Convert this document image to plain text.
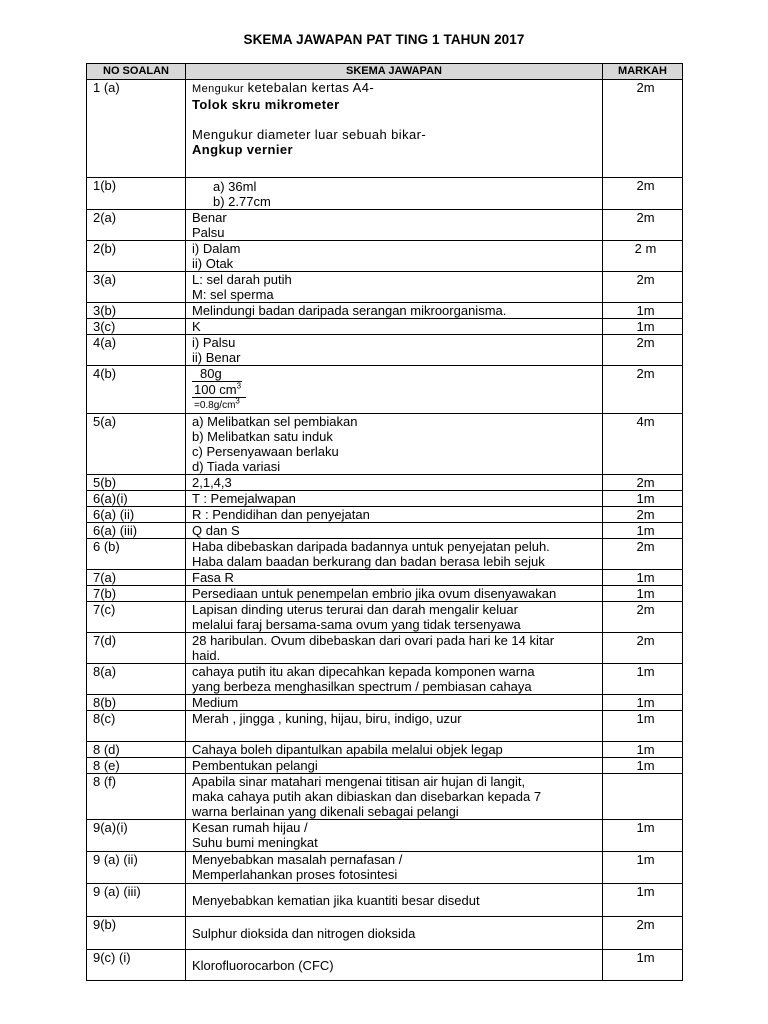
SKEMA JAWAPAN PAT TING 1 TAHUN 2017
NO SOALAN	SKEMA JAWAPAN	MARKAH
1 (a)	Mengukur ketebalan kertas A4-
Tolok skru mikrometer
Mengukur diameter luar sebuah bikar-
Angkup vernier	2m
1(b)	a) 36ml
b) 2.77cm	2m
2(a)	Benar
Palsu	2m
2(b)	i) Dalam
ii) Otak	2 m
3(a)	L: sel darah putih
M: sel sperma	2m
3(b)	Melindungi badan daripada serangan mikroorganisma.	1m
3(c)	K	1m
4(a)	i) Palsu
ii) Benar	2m
4(b)	80g
100 $cm^3$
$=0.8g/cm^3$	2m
5(a)	a) Melibatkan sel pembiakan
b) Melibatkan satu induk
c) Persenyawaan berlaku
d) Tiada variasi	4m
5(b)	2,1,4,3	2m
6(a)(i)	T : Pemejalwapan	1m
6(a) (ii)	R : Pendidihan dan penyejatan	2m
6(a) (iii)	Q dan S	1m
6 (b)	Haba dibebaskan daripada badannya untuk penyejatan peluh.
Haba dalam baadan berkurang dan badan berasa lebih sejuk	2m
7(a)	Fasa R	1m
7(b)	Persediaan untuk penempelan embrio jika ovum disenyawakan	1m
7(c)	Lapisan dinding uterus terurai dan darah mengalir keluar
melalui faraj bersama-sama ovum yang tidak tersenyawa	2m
7(d)	28 haribulan. Ovum dibebaskan dari ovari pada hari ke 14 kitar
haid.	2m
8(a)	cahaya putih itu akan dipecahkan kepada komponen warna
yang berbeza menghasilkan spectrum / pembiasan cahaya	1m
8(b)	Medium	1m
8(c)	Merah , jingga , kuning, hijau, biru, indigo, uzur	1m
8 (d)	Cahaya boleh dipantulkan apabila melalui objek legap	1m
8 (e)	Pembentukan pelangi	1m
8 (f)	Apabila sinar matahari mengenai titisan air hujan di langit,
maka cahaya putih akan dibiaskan dan disebarkan kepada 7
warna berlainan yang dikenali sebagai pelangi	

9(a)(i)	Kesan rumah hijau /
Suhu bumi meningkat	1m
9 (a) (ii)	Menyebabkan masalah pernafasan /
Memperlahankan proses fotosintesi	1m
9 (a) (iii)	Menyebabkan kematian jika kuantiti besar disedut	1m
9(b)	Sulphur dioksida dan nitrogen dioksida	2m
9(c) (i)	Klorofluorocarbon (CFC)	1m
